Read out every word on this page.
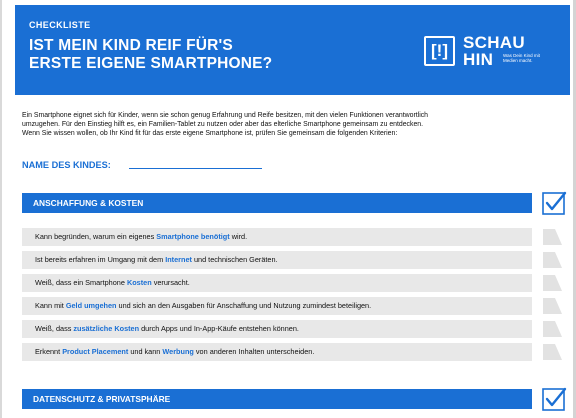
CHECKLISTE
IST MEIN KIND REIF FÜR'S
ERSTE EIGENE SMARTPHONE?
[!] SCHAU
HIN Was Dein Kind mit Medien macht.
Ein Smartphone eignet sich für Kinder, wenn sie schon genug Erfahrung und Reife besitzen, mit den vielen Funktionen verantwortlich
umzugehen. Für den Einstieg hilft es, ein Familien-Tablet zu nutzen oder aber das elterliche Smartphone gemeinsam zu entdecken.
Wenn Sie wissen wollen, ob Ihr Kind fit für das erste eigene Smartphone ist, prüfen Sie gemeinsam die folgenden Kriterien:
NAME DES KINDES:
ANSCHAFFUNG & KOSTEN
Kann begründen, warum ein eigenes Smartphone benötigt wird.
Ist bereits erfahren im Umgang mit dem Internet und technischen Geräten.
Weiß, dass ein Smartphone Kosten verursacht.
Kann mit Geld umgehen und sich an den Ausgaben für Anschaffung und Nutzung zumindest beteiligen.
Weiß, dass zusätzliche Kosten durch Apps und In-App-Käufe entstehen können.
Erkennt Product Placement und kann Werbung von anderen Inhalten unterscheiden.
DATENSCHUTZ & PRIVATSPHÄRE
